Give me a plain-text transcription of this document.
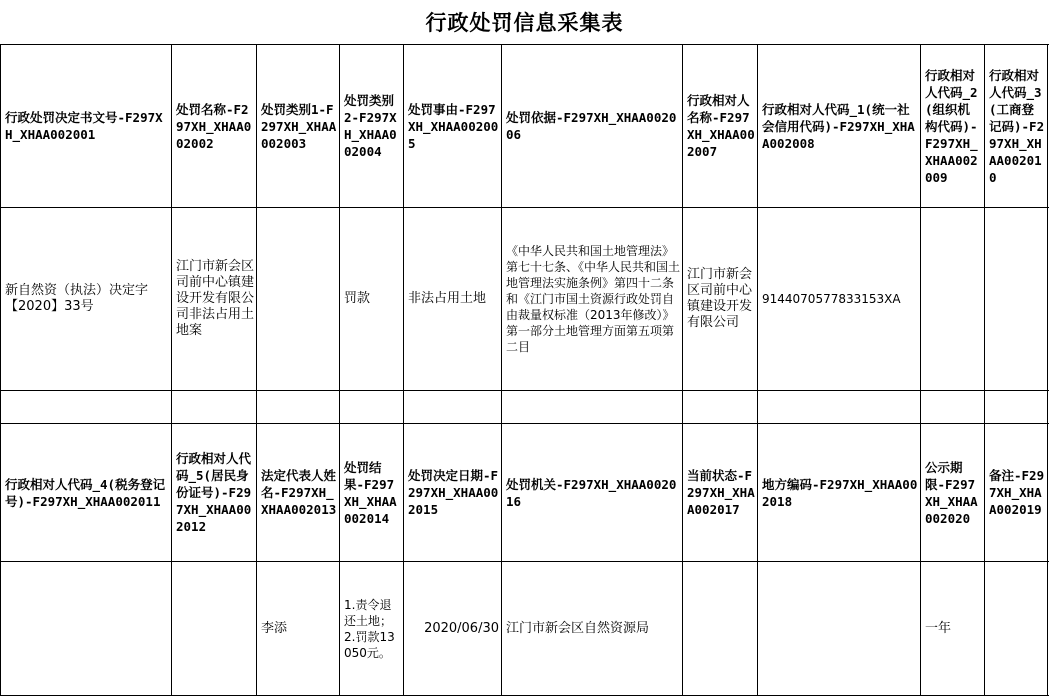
行政处罚信息采集表
行政处罚决定书文号-F297XH_XHAA002001
处罚名称-F297XH_XHAA002002
处罚类别1-F297XH_XHAA002003
处罚类别2-F297XH_XHAA002004
处罚事由-F297XH_XHAA002005
处罚依据-F297XH_XHAA002006
行政相对人名称-F297XH_XHAA002007
行政相对人代码_1(统一社会信用代码)-F297XH_XHAA002008
行政相对人代码_2(组织机构代码)-F297XH_XHAA002009
行政相对人代码_3(工商登记码)-F297XH_XHAA002010
新自然资（执法）决定字【2020】33号
江门市新会区司前中心镇建设开发有限公司非法占用土地案
罚款	非法占用土地
《中华人民共和国土地管理法》第七十七条、《中华人民共和国土地管理法实施条例》第四十二条和《江门市国土资源行政处罚自由裁量权标准（2013年修改）》第一部分土地管理方面第五项第二目
江门市新会区司前中心镇建设开发有限公司
9144070577833153XA
行政相对人代码_4(税务登记号)-F297XH_XHAA002011
行政相对人代码_5(居民身份证号)-F297XH_XHAA002012
法定代表人姓名-F297XH_XHAA002013
处罚结果-F297XH_XHAA002014
处罚决定日期-F297XH_XHAA002015
处罚机关-F297XH_XHAA002016
当前状态-F297XH_XHAA002017
地方编码-F297XH_XHAA002018
公示期限-F297XH_XHAA002020
备注-F297XH_XHAA002019
李添
1.责令退还土地；2.罚款13050元。
2020/06/30 江门市新会区自然资源局	一年
